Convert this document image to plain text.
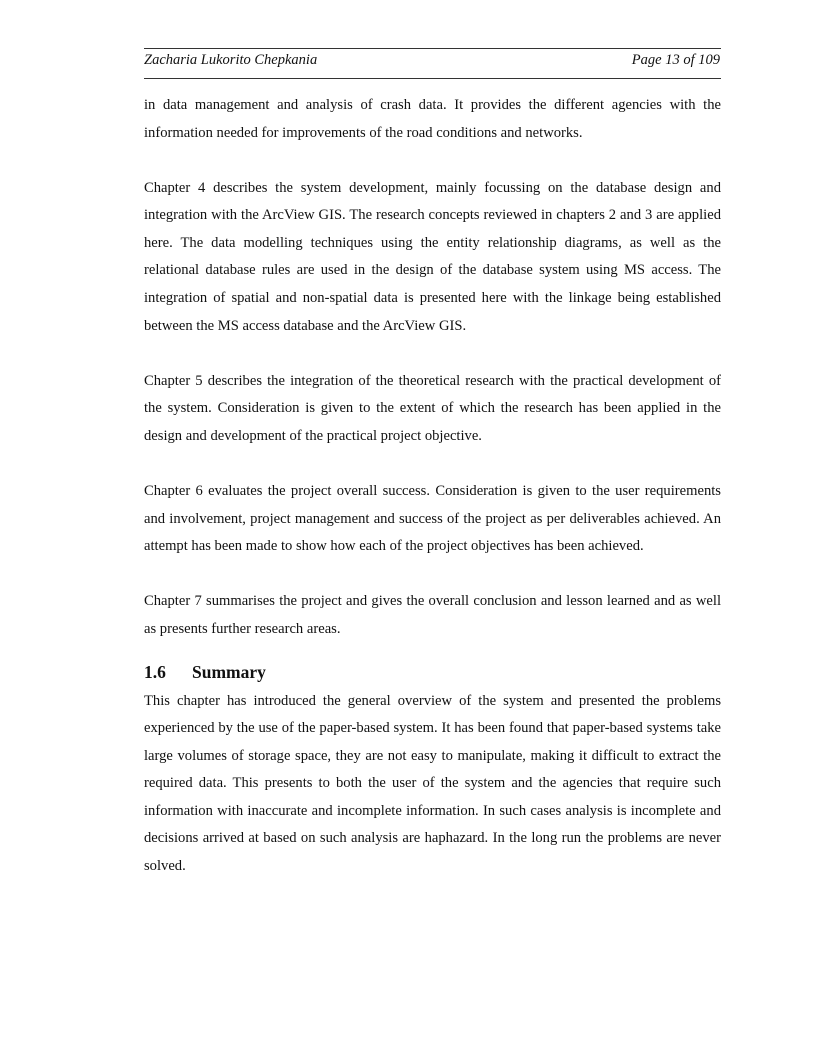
Zacharia Lukorito Chepkania	Page 13 of 109

in data management and analysis of crash data. It provides the different agencies with the information needed for improvements of the road conditions and networks.

Chapter 4 describes the system development, mainly focussing on the database design and integration with the ArcView GIS. The research concepts reviewed in chapters 2 and 3 are applied here. The data modelling techniques using the entity relationship diagrams, as well as the relational database rules are used in the design of the database system using MS access. The integration of spatial and non-spatial data is presented here with the linkage being established between the MS access database and the ArcView GIS.

Chapter 5 describes the integration of the theoretical research with the practical development of the system. Consideration is given to the extent of which the research has been applied in the design and development of the practical project objective.

Chapter 6 evaluates the project overall success. Consideration is given to the user requirements and involvement, project management and success of the project as per deliverables achieved. An attempt has been made to show how each of the project objectives has been achieved.

Chapter 7 summarises the project and gives the overall conclusion and lesson learned and as well as presents further research areas.

1.6 Summary

This chapter has introduced the general overview of the system and presented the problems experienced by the use of the paper-based system. It has been found that paper-based systems take large volumes of storage space, they are not easy to manipulate, making it difficult to extract the required data. This presents to both the user of the system and the agencies that require such information with inaccurate and incomplete information. In such cases analysis is incomplete and decisions arrived at based on such analysis are haphazard. In the long run the problems are never solved.
